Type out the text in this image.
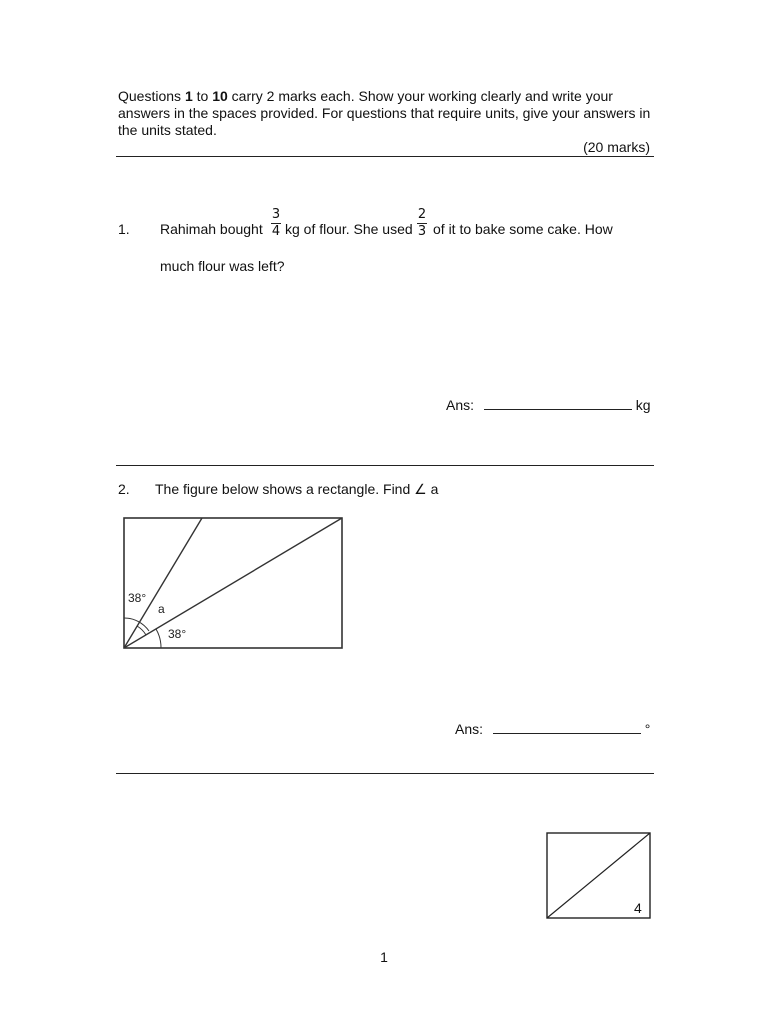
Questions 1 to 10 carry 2 marks each. Show your working clearly and write your answers in the spaces provided. For questions that require units, give your answers in the units stated.
(20 marks)
1. Rahimah bought
3
4 kg of flour. She used
2
3 of it to bake some cake. How
much flour was left?
Ans:	kg
2. The figure below shows a rectangle. Find ∠ a
38°
a
38°
Ans:	°
4
1
